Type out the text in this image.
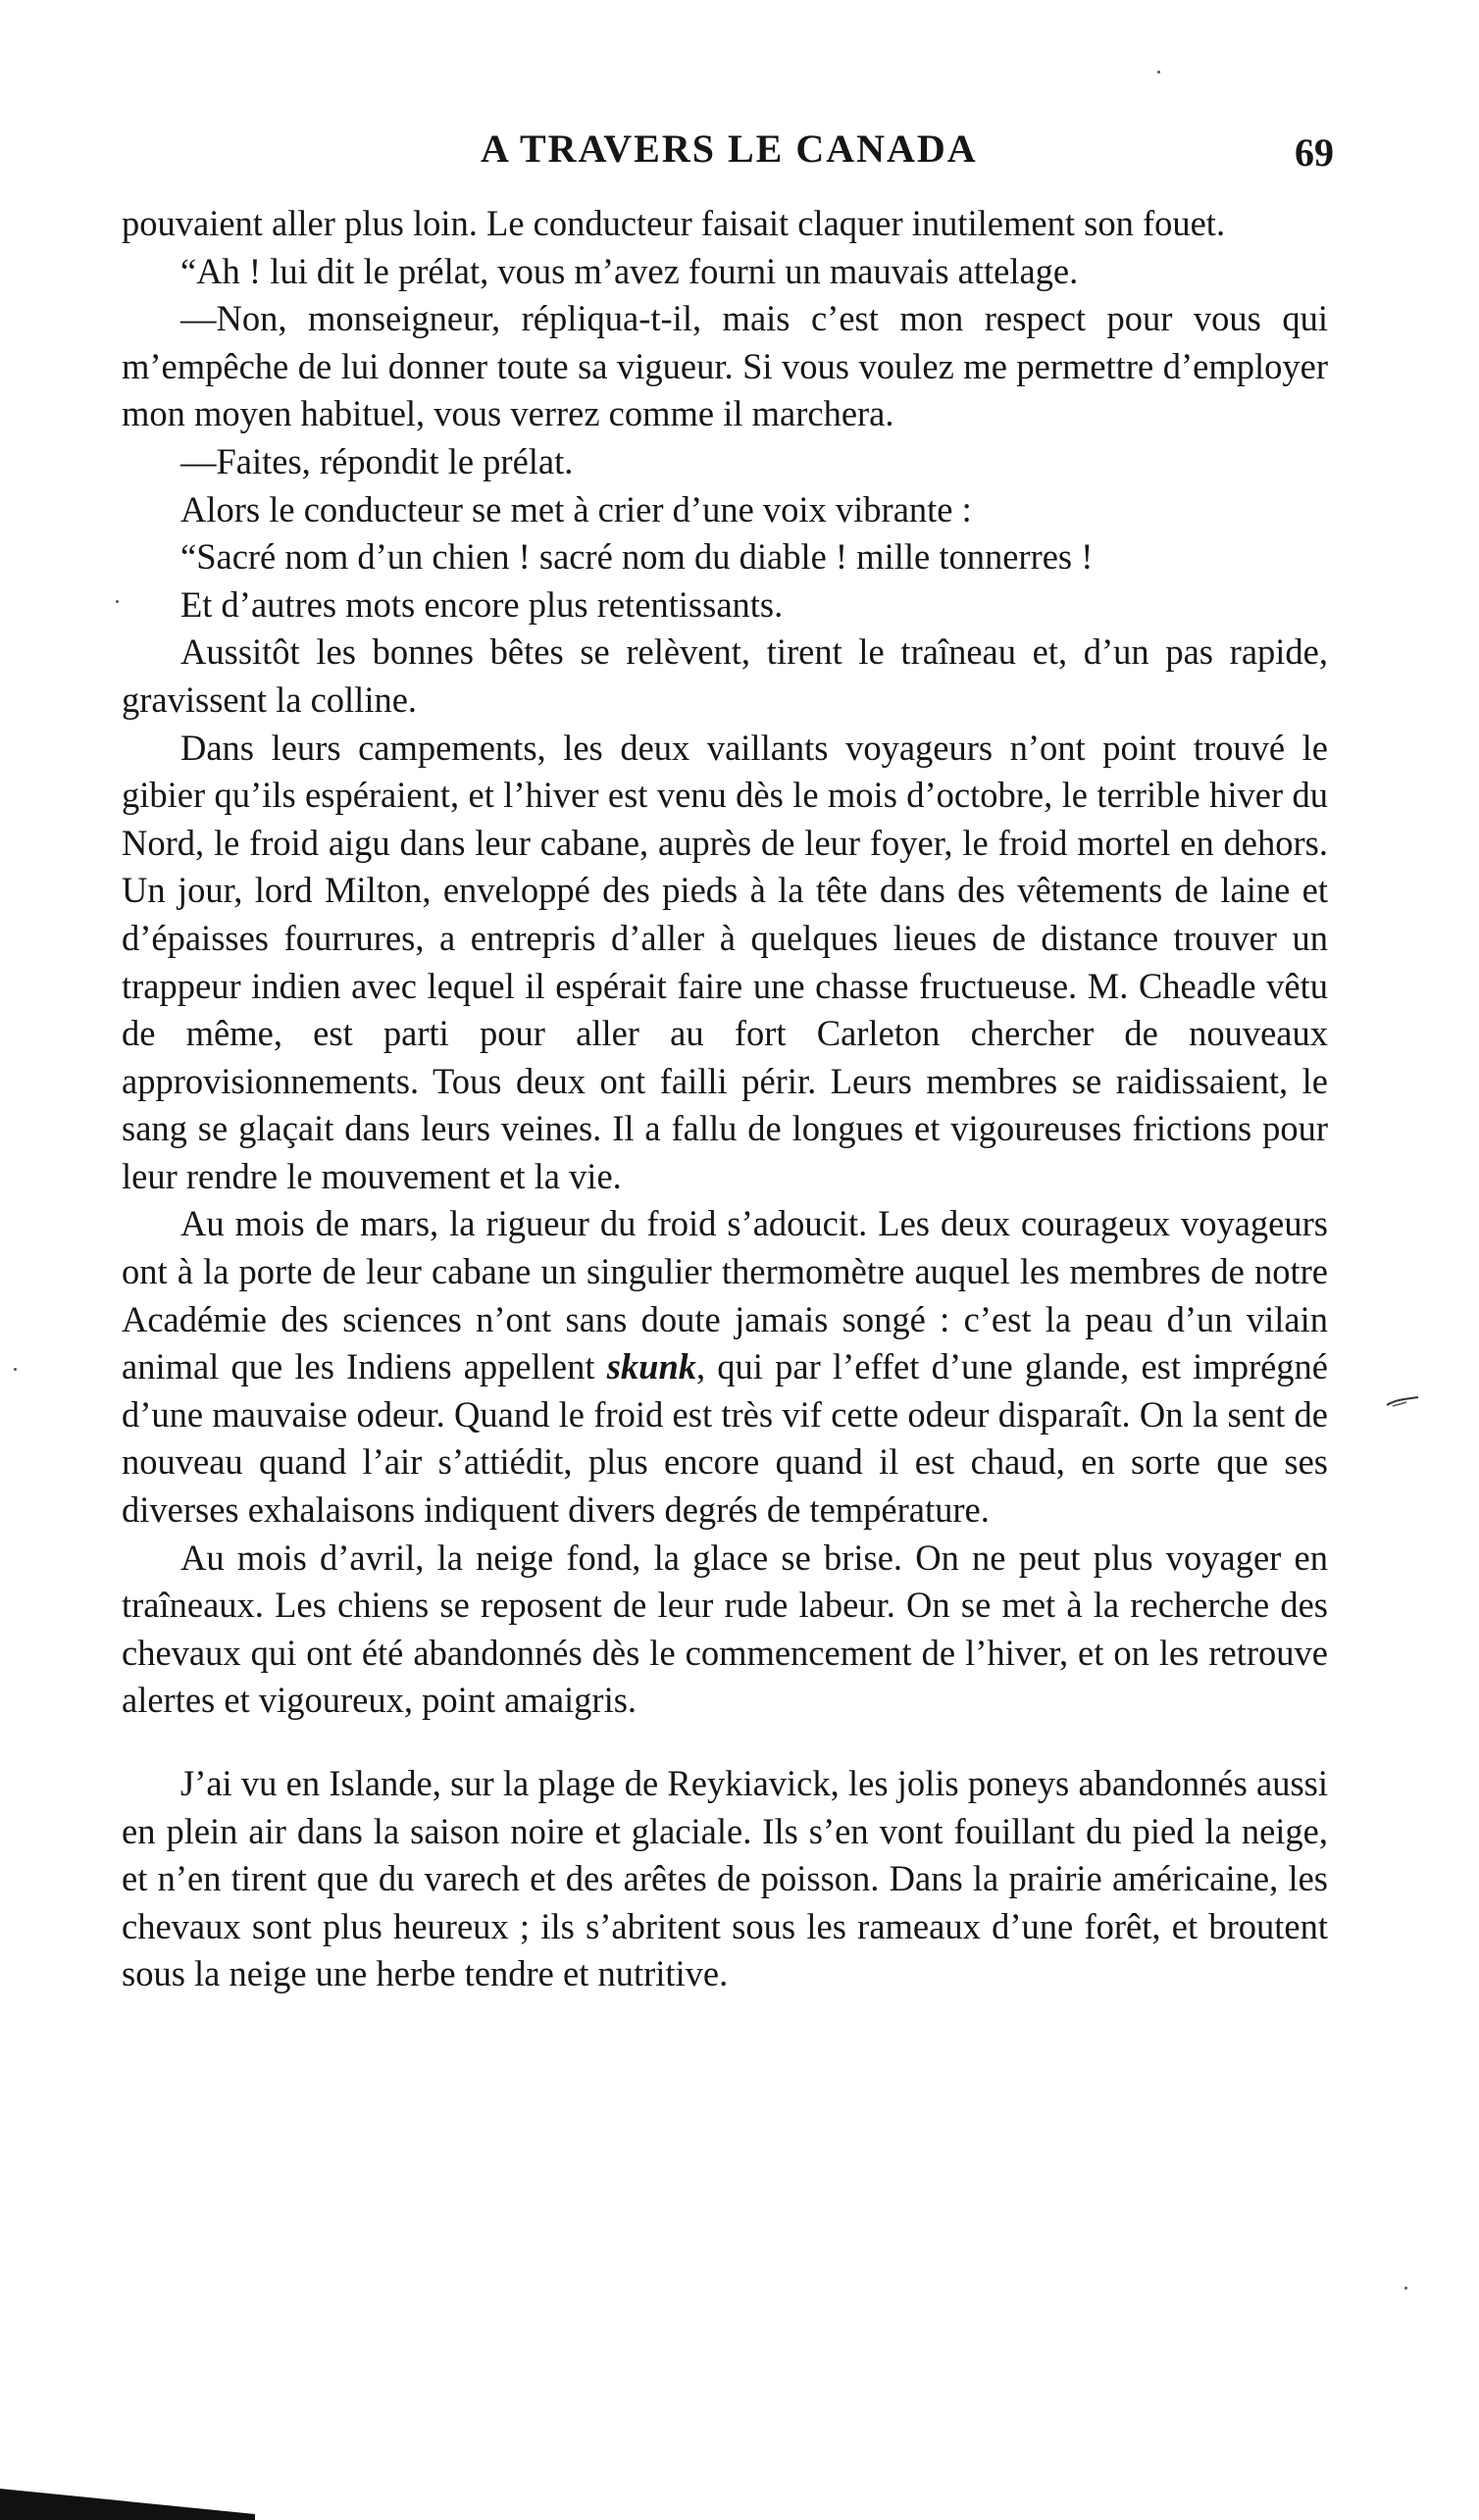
A TRAVERS LE CANADA	69

pouvaient aller plus loin. Le conducteur faisait claquer inutilement son fouet.

“Ah ! lui dit le prélat, vous m’avez fourni un mauvais attelage.

—Non, monseigneur, répliqua-t-il, mais c’est mon respect pour vous qui m’empêche de lui donner toute sa vigueur. Si vous voulez me permettre d’employer mon moyen habituel, vous verrez comme il marchera.

—Faites, répondit le prélat.

Alors le conducteur se met à crier d’une voix vibrante :

“Sacré nom d’un chien ! sacré nom du diable ! mille tonnerres !

Et d’autres mots encore plus retentissants.

Aussitôt les bonnes bêtes se relèvent, tirent le traîneau et, d’un pas rapide, gravissent la colline.

Dans leurs campements, les deux vaillants voyageurs n’ont point trouvé le gibier qu’ils espéraient, et l’hiver est venu dès le mois d’octobre, le terrible hiver du Nord, le froid aigu dans leur cabane, auprès de leur foyer, le froid mortel en dehors. Un jour, lord Milton, enveloppé des pieds à la tête dans des vêtements de laine et d’épaisses fourrures, a entrepris d’aller à quelques lieues de distance trouver un trappeur indien avec lequel il espérait faire une chasse fructueuse. M. Cheadle vêtu de même, est parti pour aller au fort Carleton chercher de nouveaux approvisionnements. Tous deux ont failli périr. Leurs membres se raidissaient, le sang se glaçait dans leurs veines. Il a fallu de longues et vigoureuses frictions pour leur rendre le mouvement et la vie.

Au mois de mars, la rigueur du froid s’adoucit. Les deux courageux voyageurs ont à la porte de leur cabane un singulier thermomètre auquel les membres de notre Académie des sciences n’ont sans doute jamais songé : c’est la peau d’un vilain animal que les Indiens appellent skunk, qui par l’effet d’une glande, est imprégné d’une mauvaise odeur. Quand le froid est très vif cette odeur disparaît. On la sent de nouveau quand l’air s’attiédit, plus encore quand il est chaud, en sorte que ses diverses exhalaisons indiquent divers degrés de température.

Au mois d’avril, la neige fond, la glace se brise. On ne peut plus voyager en traîneaux. Les chiens se reposent de leur rude labeur. On se met à la recherche des chevaux qui ont été abandonnés dès le commencement de l’hiver, et on les retrouve alertes et vigoureux, point amaigris.

J’ai vu en Islande, sur la plage de Reykiavick, les jolis poneys abandonnés aussi en plein air dans la saison noire et glaciale. Ils s’en vont fouillant du pied la neige, et n’en tirent que du varech et des arêtes de poisson. Dans la prairie américaine, les chevaux sont plus heureux ; ils s’abritent sous les rameaux d’une forêt, et broutent sous la neige une herbe tendre et nutritive.
